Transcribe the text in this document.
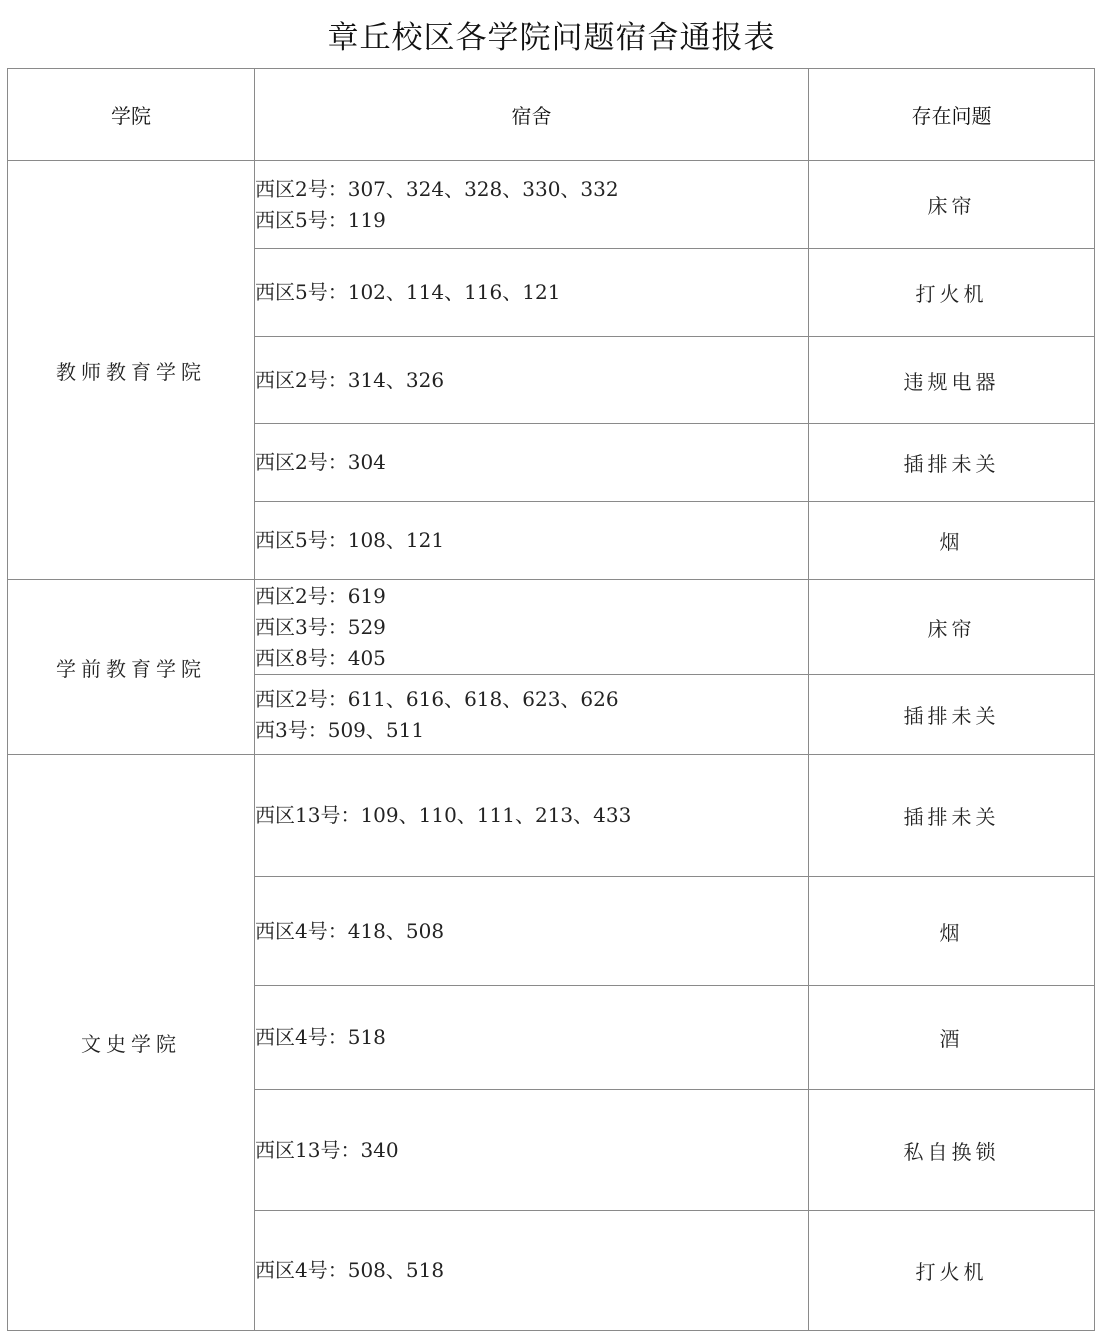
章丘校区各学院问题宿舍通报表
学院	宿舍	存在问题
教师教育学院	西区2号：307、324、328、330、332
西区5号：119	床帘

	西区5号：102、114、116、121	打火机

	西区2号：314、326	违规电器

	西区2号：304	插排未关

	西区5号：108、121	烟
学前教育学院	西区2号：619
西区3号：529
西区8号：405	床帘

	西区2号：611、616、618、623、626
西3号：509、511	插排未关
文史学院	西区13号：109、110、111、213、433	插排未关

	西区4号：418、508	烟

	西区4号：518	酒

	西区13号：340	私自换锁

	西区4号：508、518	打火机
